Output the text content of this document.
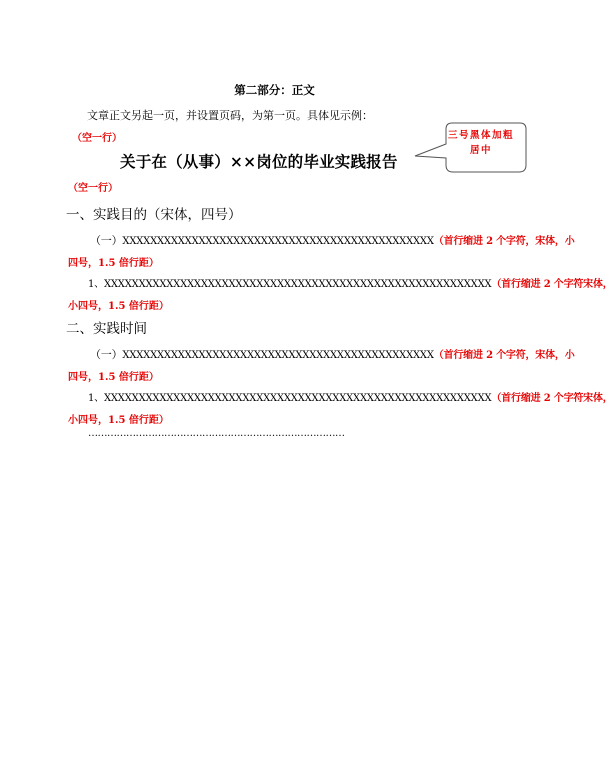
第二部分：正文
文章正文另起一页，并设置页码，为第一页。具体见示例：
（空一行）
关于在（从事）××岗位的毕业实践报告
三号黑体加粗居中
（空一行）
一、实践目的（宋体，四号）
（一）XXXXXXXXXXXXXXXXXXXXXXXXXXXXXXXXXXXXXXXXXXXXX（首行缩进 2 个字符，宋体，小
四号，1.5 倍行距）
1、XXXXXXXXXXXXXXXXXXXXXXXXXXXXXXXXXXXXXXXXXXXXXXXXXXXXXXXX（首行缩进 2 个字符宋体，
小四号，1.5 倍行距）
二、实践时间
（一）XXXXXXXXXXXXXXXXXXXXXXXXXXXXXXXXXXXXXXXXXXXXX（首行缩进 2 个字符，宋体，小
四号，1.5 倍行距）
1、XXXXXXXXXXXXXXXXXXXXXXXXXXXXXXXXXXXXXXXXXXXXXXXXXXXXXXXX（首行缩进 2 个字符宋体，
小四号，1.5 倍行距）
………………………………………………………………………
